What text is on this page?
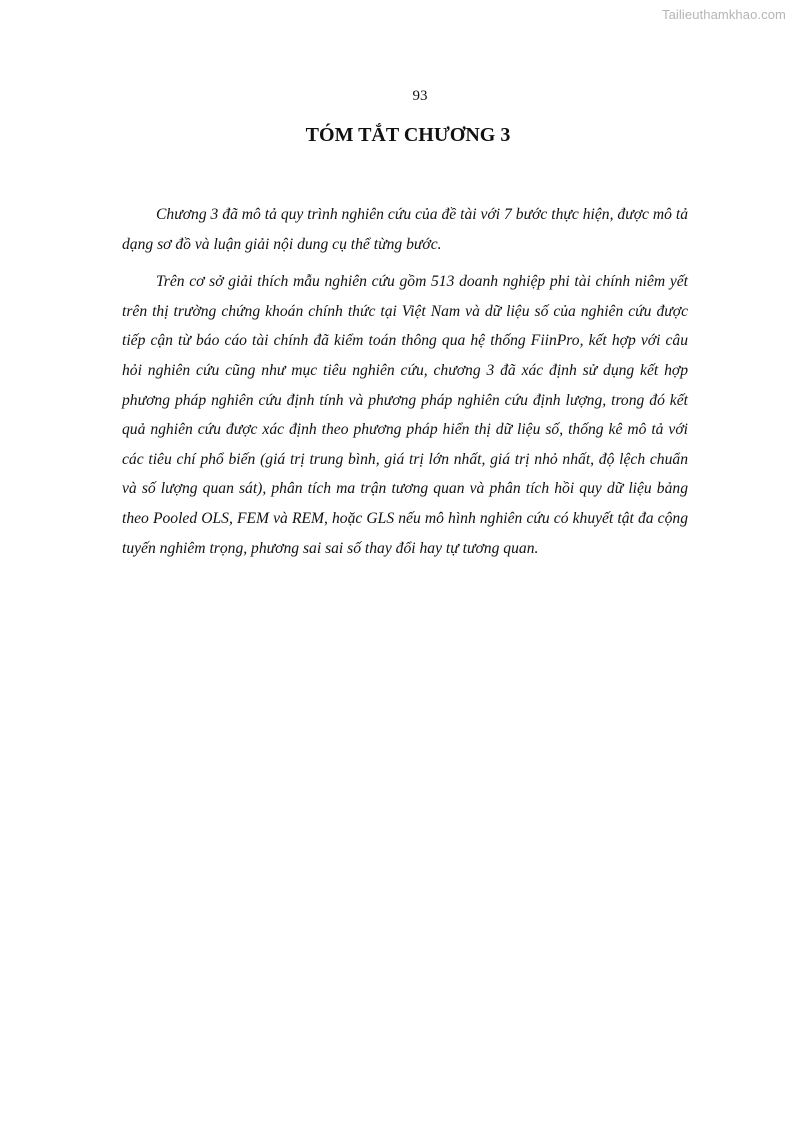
Tailieuthamkhao.com
93
TÓM TẮT CHƯƠNG 3

Chương 3 đã mô tả quy trình nghiên cứu của đề tài với 7 bước thực hiện, được mô tả dạng sơ đồ và luận giải nội dung cụ thể từng bước.

Trên cơ sở giải thích mẫu nghiên cứu gồm 513 doanh nghiệp phi tài chính niêm yết trên thị trường chứng khoán chính thức tại Việt Nam và dữ liệu số của nghiên cứu được tiếp cận từ báo cáo tài chính đã kiểm toán thông qua hệ thống FiinPro, kết hợp với câu hỏi nghiên cứu cũng như mục tiêu nghiên cứu, chương 3 đã xác định sử dụng kết hợp phương pháp nghiên cứu định tính và phương pháp nghiên cứu định lượng, trong đó kết quả nghiên cứu được xác định theo phương pháp hiển thị dữ liệu số, thống kê mô tả với các tiêu chí phổ biến (giá trị trung bình, giá trị lớn nhất, giá trị nhỏ nhất, độ lệch chuẩn và số lượng quan sát), phân tích ma trận tương quan và phân tích hồi quy dữ liệu bảng theo Pooled OLS, FEM và REM, hoặc GLS nếu mô hình nghiên cứu có khuyết tật đa cộng tuyến nghiêm trọng, phương sai sai số thay đổi hay tự tương quan.
